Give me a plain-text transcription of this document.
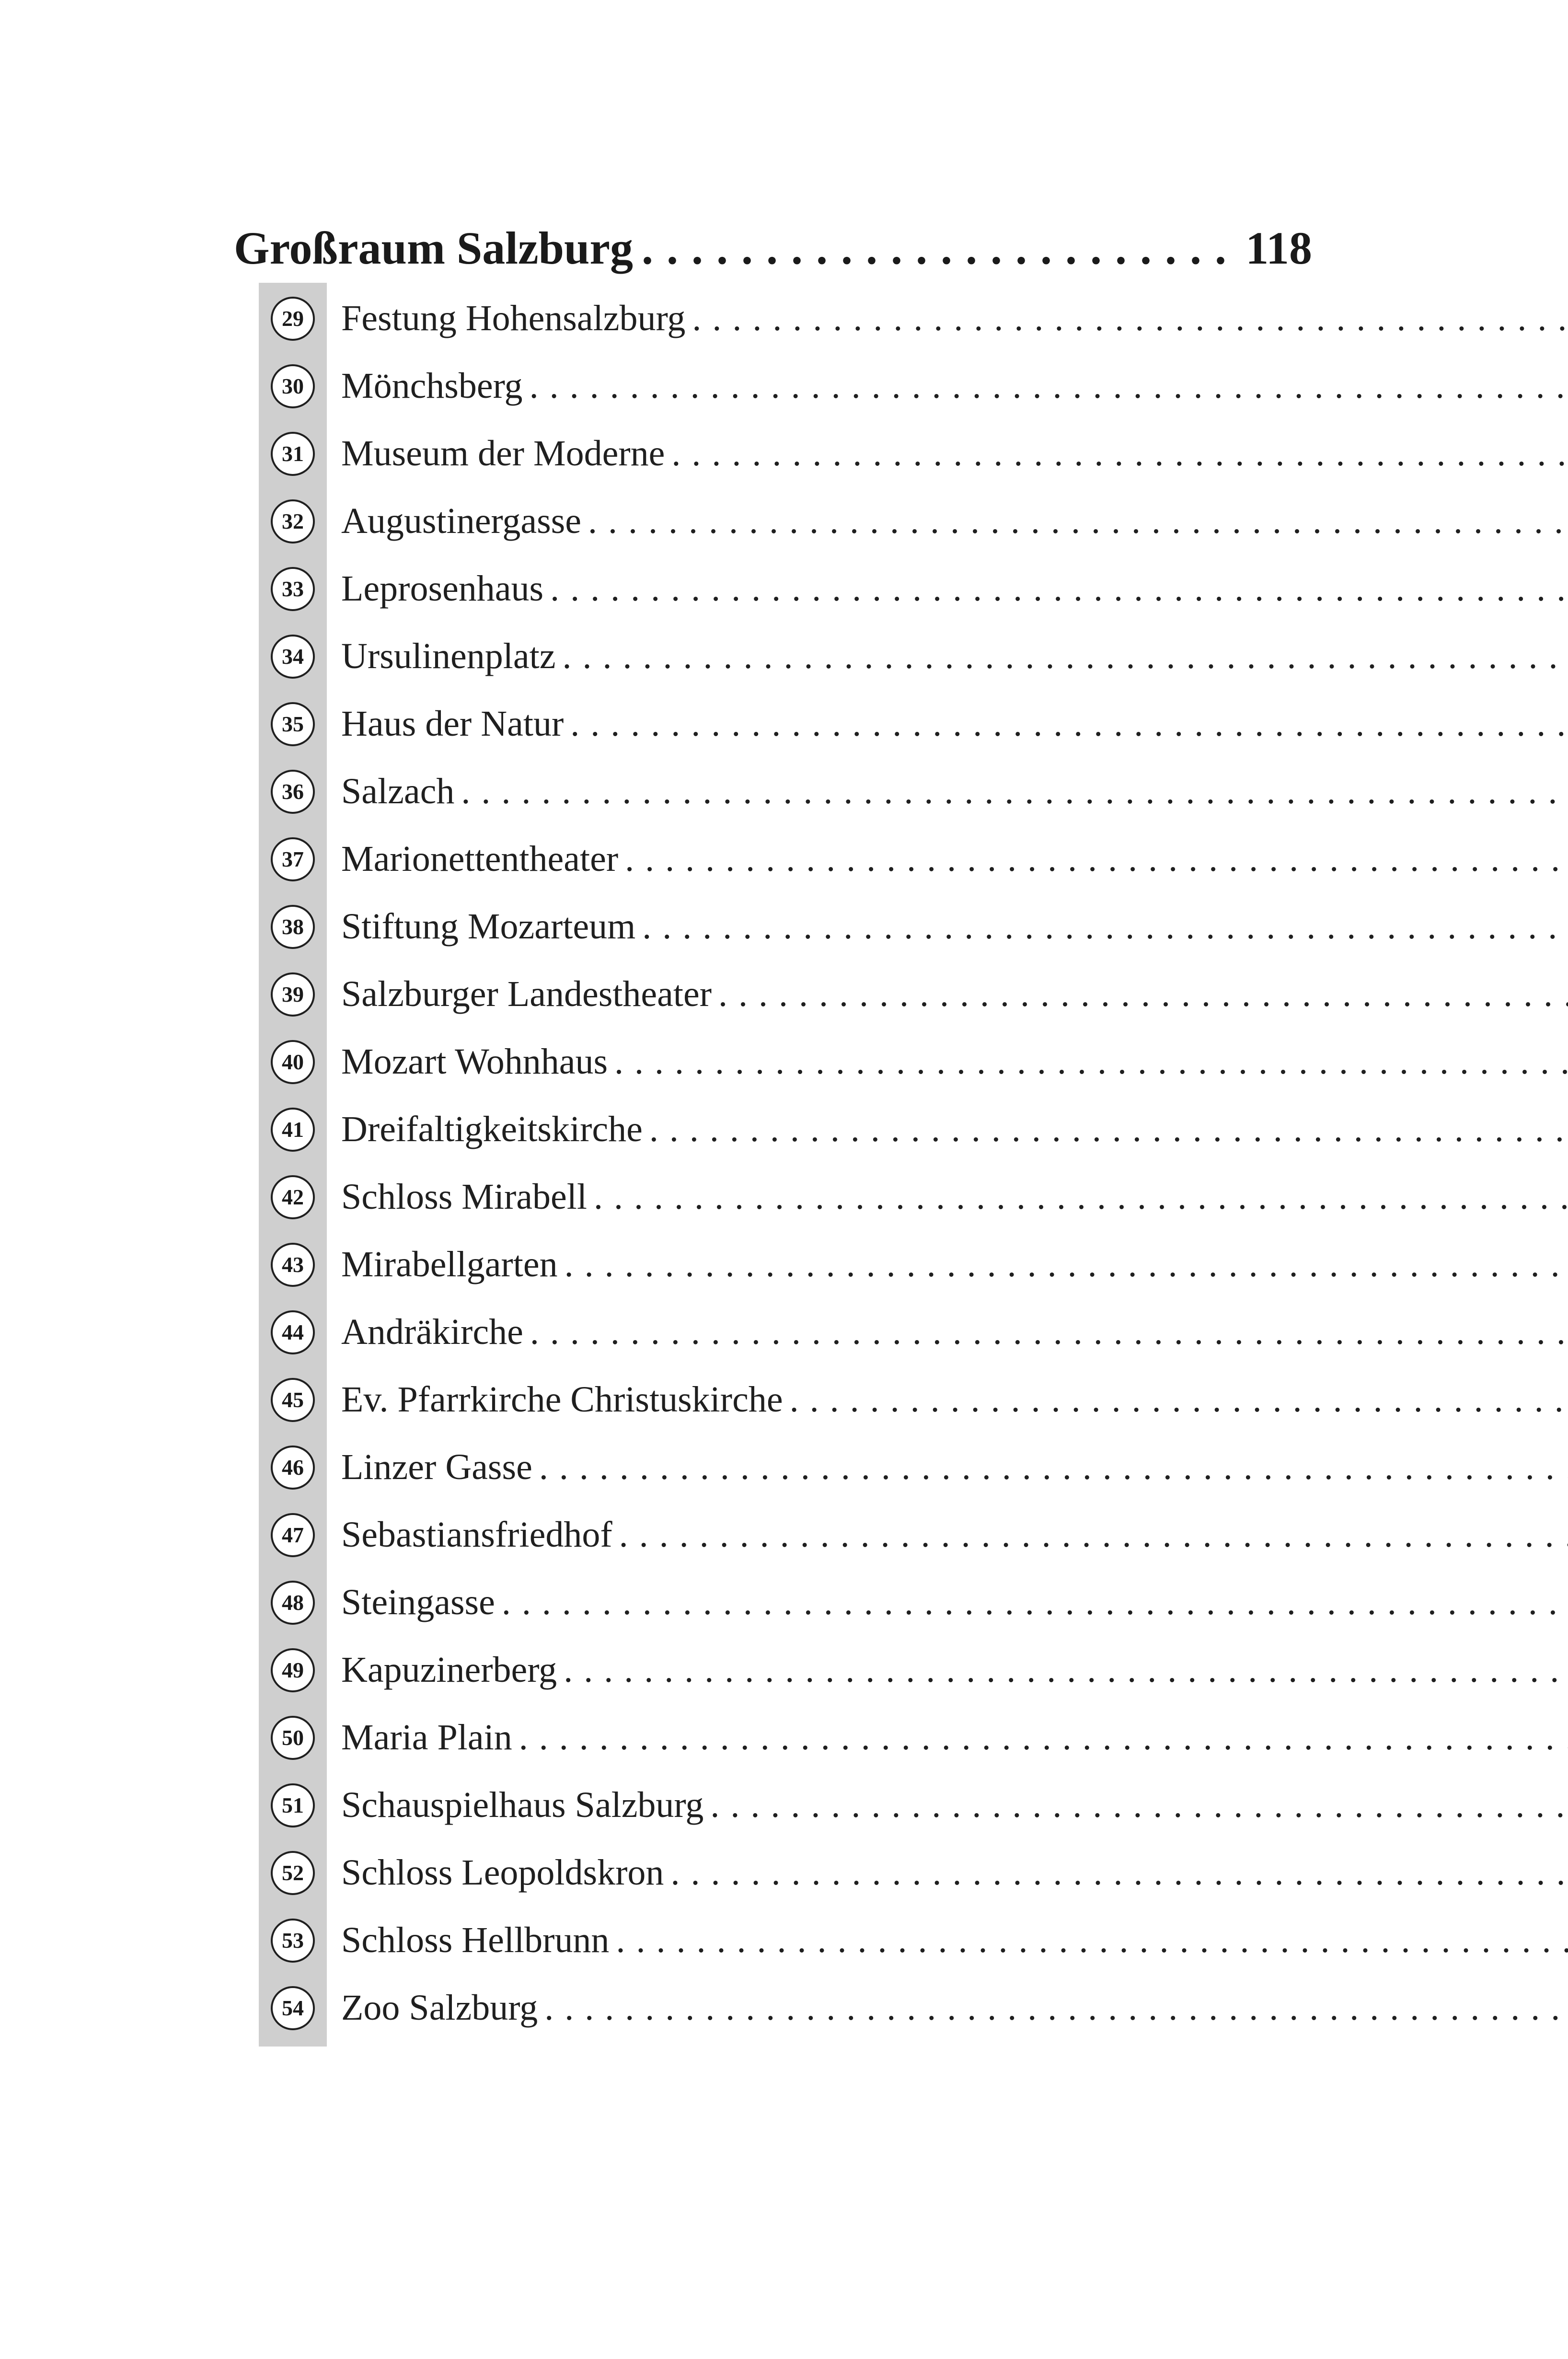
Großraum Salzburg
. . .	118
29	Festung Hohensalzburg
. . .
30	Mönchsberg
. . .
31	Museum der Moderne
. . .
32	Augustinergasse
. . .
33	Leprosenhaus
. . .
34	Ursulinenplatz
. . .
35	Haus der Natur
. . .
36	Salzach
. . .
37	Marionettentheater
. . .
38	Stiftung Mozarteum
. . .
39	Salzburger Landestheater
. . .
40	Mozart Wohnhaus
. . .
41	Dreifaltigkeitskirche
. . .
42	Schloss Mirabell
. . .
43	Mirabellgarten
. . .
44	Andräkirche
. . .
45	Ev. Pfarrkirche Christuskirche
. . .
46	Linzer Gasse
. . .
47	Sebastiansfriedhof
. . .
48	Steingasse
. . .
49	Kapuzinerberg
. . .
50	Maria Plain
. . .
51	Schauspielhaus Salzburg
. . .
52	Schloss Leopoldskron
. . .
53	Schloss Hellbrunn
. . .
54	Zoo Salzburg
. . .
